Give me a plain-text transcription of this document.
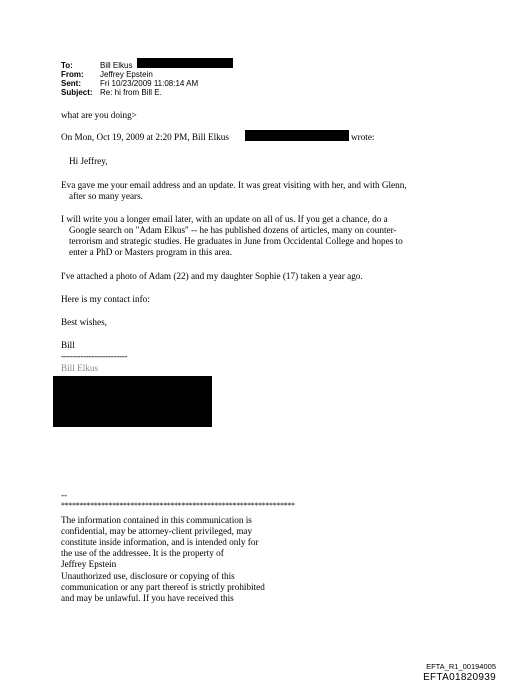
To:	Bill Elkus
From: Jeffrey Epstein
Sent: Fri 10/23/2009 11:08:14 AM
Subject: Re: hi from Bill E.
what are you doing>
On Mon, Oct 19, 2009 at 2:20 PM, Bill Elkus	wrote:
Hi Jeffrey,
Eva gave me your email address and an update. It was great visiting with her, and with Glenn,
after so many years.
I will write you a longer email later, with an update on all of us. If you get a chance, do a
Google search on "Adam Elkus" -- he has published dozens of articles, many on counter-
terrorism and strategic studies. He graduates in June from Occidental College and hopes to
enter a PhD or Masters program in this area.
I've attached a photo of Adam (22) and my daughter Sophie (17) taken a year ago.
Here is my contact info:
Best wishes,
Bill
------------------------
Bill Elkus
--
****************************************************************
The information contained in this communication is
confidential, may be attorney-client privileged, may
constitute inside information, and is intended only for
the use of the addressee. It is the property of
Jeffrey Epstein
Unauthorized use, disclosure or copying of this
communication or any part thereof is strictly prohibited
and may be unlawful. If you have received this
EFTA_R1_00194005
EFTA01820939
